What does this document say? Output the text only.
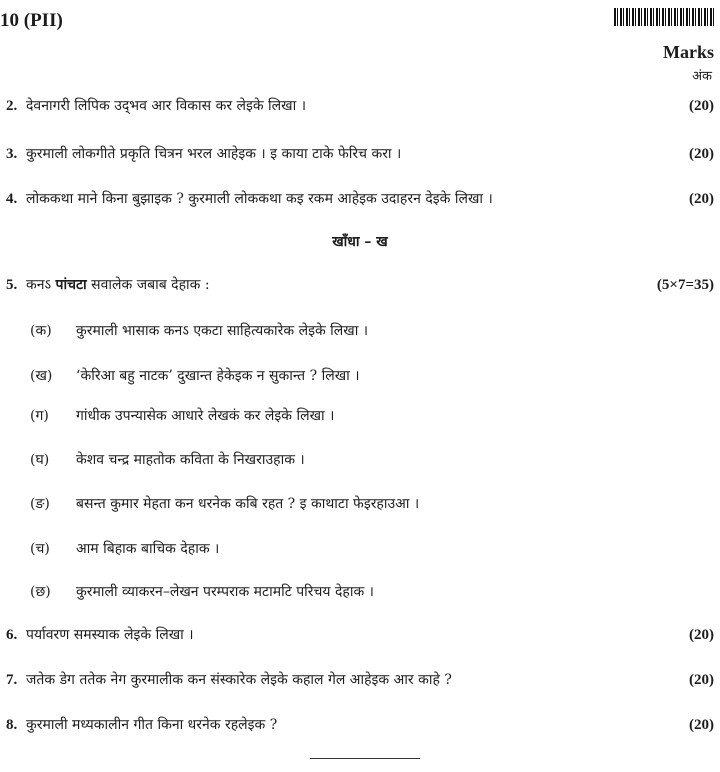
10 (PII)
Marks
अंक
2. देवनागरी लिपिक उद्‌भव आर विकास कर लेइके लिखा ।	(20)
3. कुरमाली लोकगीते प्रकृति चित्रन भरल आहेइक । इ काया टाके फेरिच करा ।	(20)
4. लोककथा माने किना बुझाइक ? कुरमाली लोककथा कइ रकम आहेइक उदाहरन देइके लिखा ।	(20)
खाँधा – ख
5. कनऽ पांचटा सवालेक जबाब देहाक :	(5×7=35)
(क)	कुरमाली भासाक कनऽ एकटा साहित्यकारेक लेइके लिखा ।
(ख)	‘केरिआ बहु नाटक’ दुखान्त हेकेइक न सुकान्त ? लिखा ।
(ग)	गांधीक उपन्यासेक आधारे लेखकं कर लेइके लिखा ।
(घ)	केशव चन्द्र माहतोक कविता के निखराउहाक ।
(ङ)	बसन्त कुमार मेहता कन धरनेक कबि रहत ? इ काथाटा फेइरहाउआ ।
(च)	आम बिहाक बाचिक देहाक ।
(छ)	कुरमाली व्याकरन–लेखन परम्पराक मटामटि परिचय देहाक ।
6. पर्यावरण समस्याक लेइके लिखा ।	(20)
7. जतेक डेग ततेक नेग कुरमालीक कन संस्कारेक लेइके कहाल गेल आहेइक आर काहे ?	(20)
8. कुरमाली मध्यकालीन गीत किना धरनेक रहलेइक ?	(20)
